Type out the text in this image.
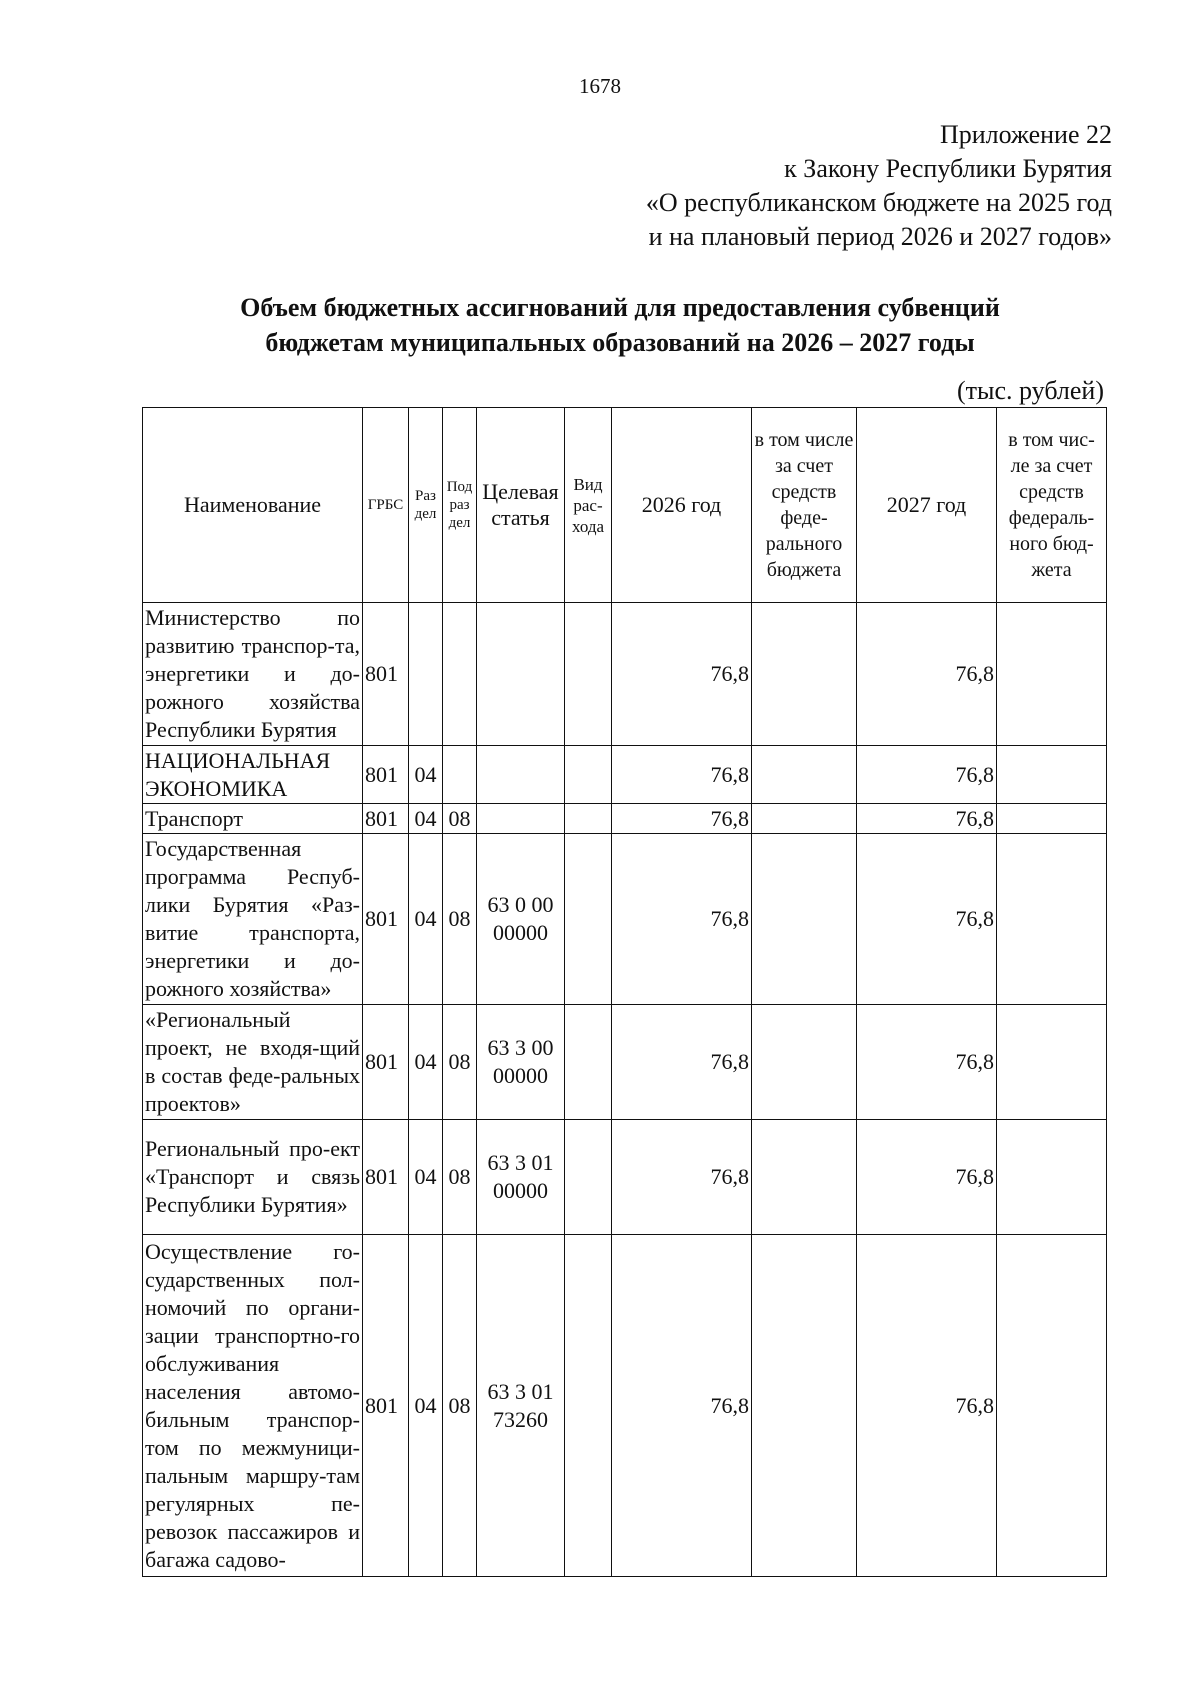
1678
Приложение 22
к Закону Республики Бурятия
«О республиканском бюджете на 2025 год
и на плановый период 2026 и 2027 годов»
Объем бюджетных ассигнований для предоставления субвенций
бюджетам муниципальных образований на 2026 – 2027 годы
(тыс. рублей)
Наименование	ГРБС	Раз дел	Под раз дел	Целевая статья	Вид рас-хода	2026 год	в том числе за счет средств феде-рального бюджета	2027 год	в том чис-ле за счет средств федераль-ного бюд-жета
Министерство по развитию транспор-та, энергетики и до-рожного хозяйства Республики Бурятия	801					76,8		76,8	
НАЦИОНАЛЬНАЯ ЭКОНОМИКА	801	04				76,8		76,8	
Транспорт	801	04	08			76,8		76,8	
Государственная программа Респуб-лики Бурятия «Раз-витие транспорта, энергетики и до-рожного хозяйства»	801	04	08	63 0 00 00000		76,8		76,8	
«Региональный проект, не входя-щий в состав феде-ральных проектов»	801	04	08	63 3 00 00000		76,8		76,8	
Региональный про-ект «Транспорт и связь Республики Бурятия»	801	04	08	63 3 01 00000		76,8		76,8	
Осуществление го-сударственных пол-номочий по органи-зации транспортно-го обслуживания населения автомо-бильным транспор-том по межмуници-пальным маршру-там регулярных пе-ревозок пассажиров и багажа садово-	801	04	08	63 3 01 73260		76,8		76,8	
